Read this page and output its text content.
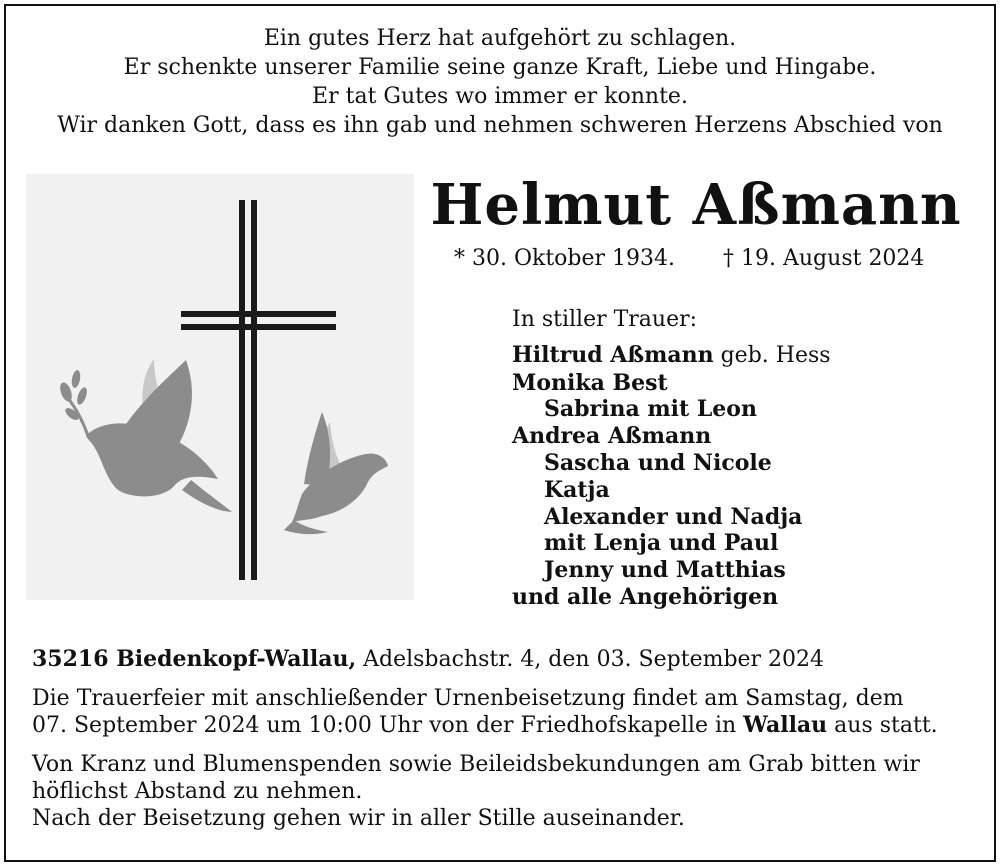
Ein gutes Herz hat aufgehört zu schlagen.
Er schenkte unserer Familie seine ganze Kraft, Liebe und Hingabe.
Er tat Gutes wo immer er konnte.
Wir danken Gott, dass es ihn gab und nehmen schweren Herzens Abschied von
Helmut Aßmann
* 30. Oktober 1934. † 19. August 2024
In stiller Trauer:
Hiltrud Aßmann geb. Hess
Monika Best
Sabrina mit Leon
Andrea Aßmann
Sascha und Nicole
Katja
Alexander und Nadja
mit Lenja und Paul
Jenny und Matthias
und alle Angehörigen
35216 Biedenkopf-Wallau, Adelsbachstr. 4, den 03. September 2024
Die Trauerfeier mit anschließender Urnenbeisetzung findet am Samstag, dem
07. September 2024 um 10:00 Uhr von der Friedhofskapelle in Wallau aus statt.
Von Kranz und Blumenspenden sowie Beileidsbekundungen am Grab bitten wir
höflichst Abstand zu nehmen.
Nach der Beisetzung gehen wir in aller Stille auseinander.
